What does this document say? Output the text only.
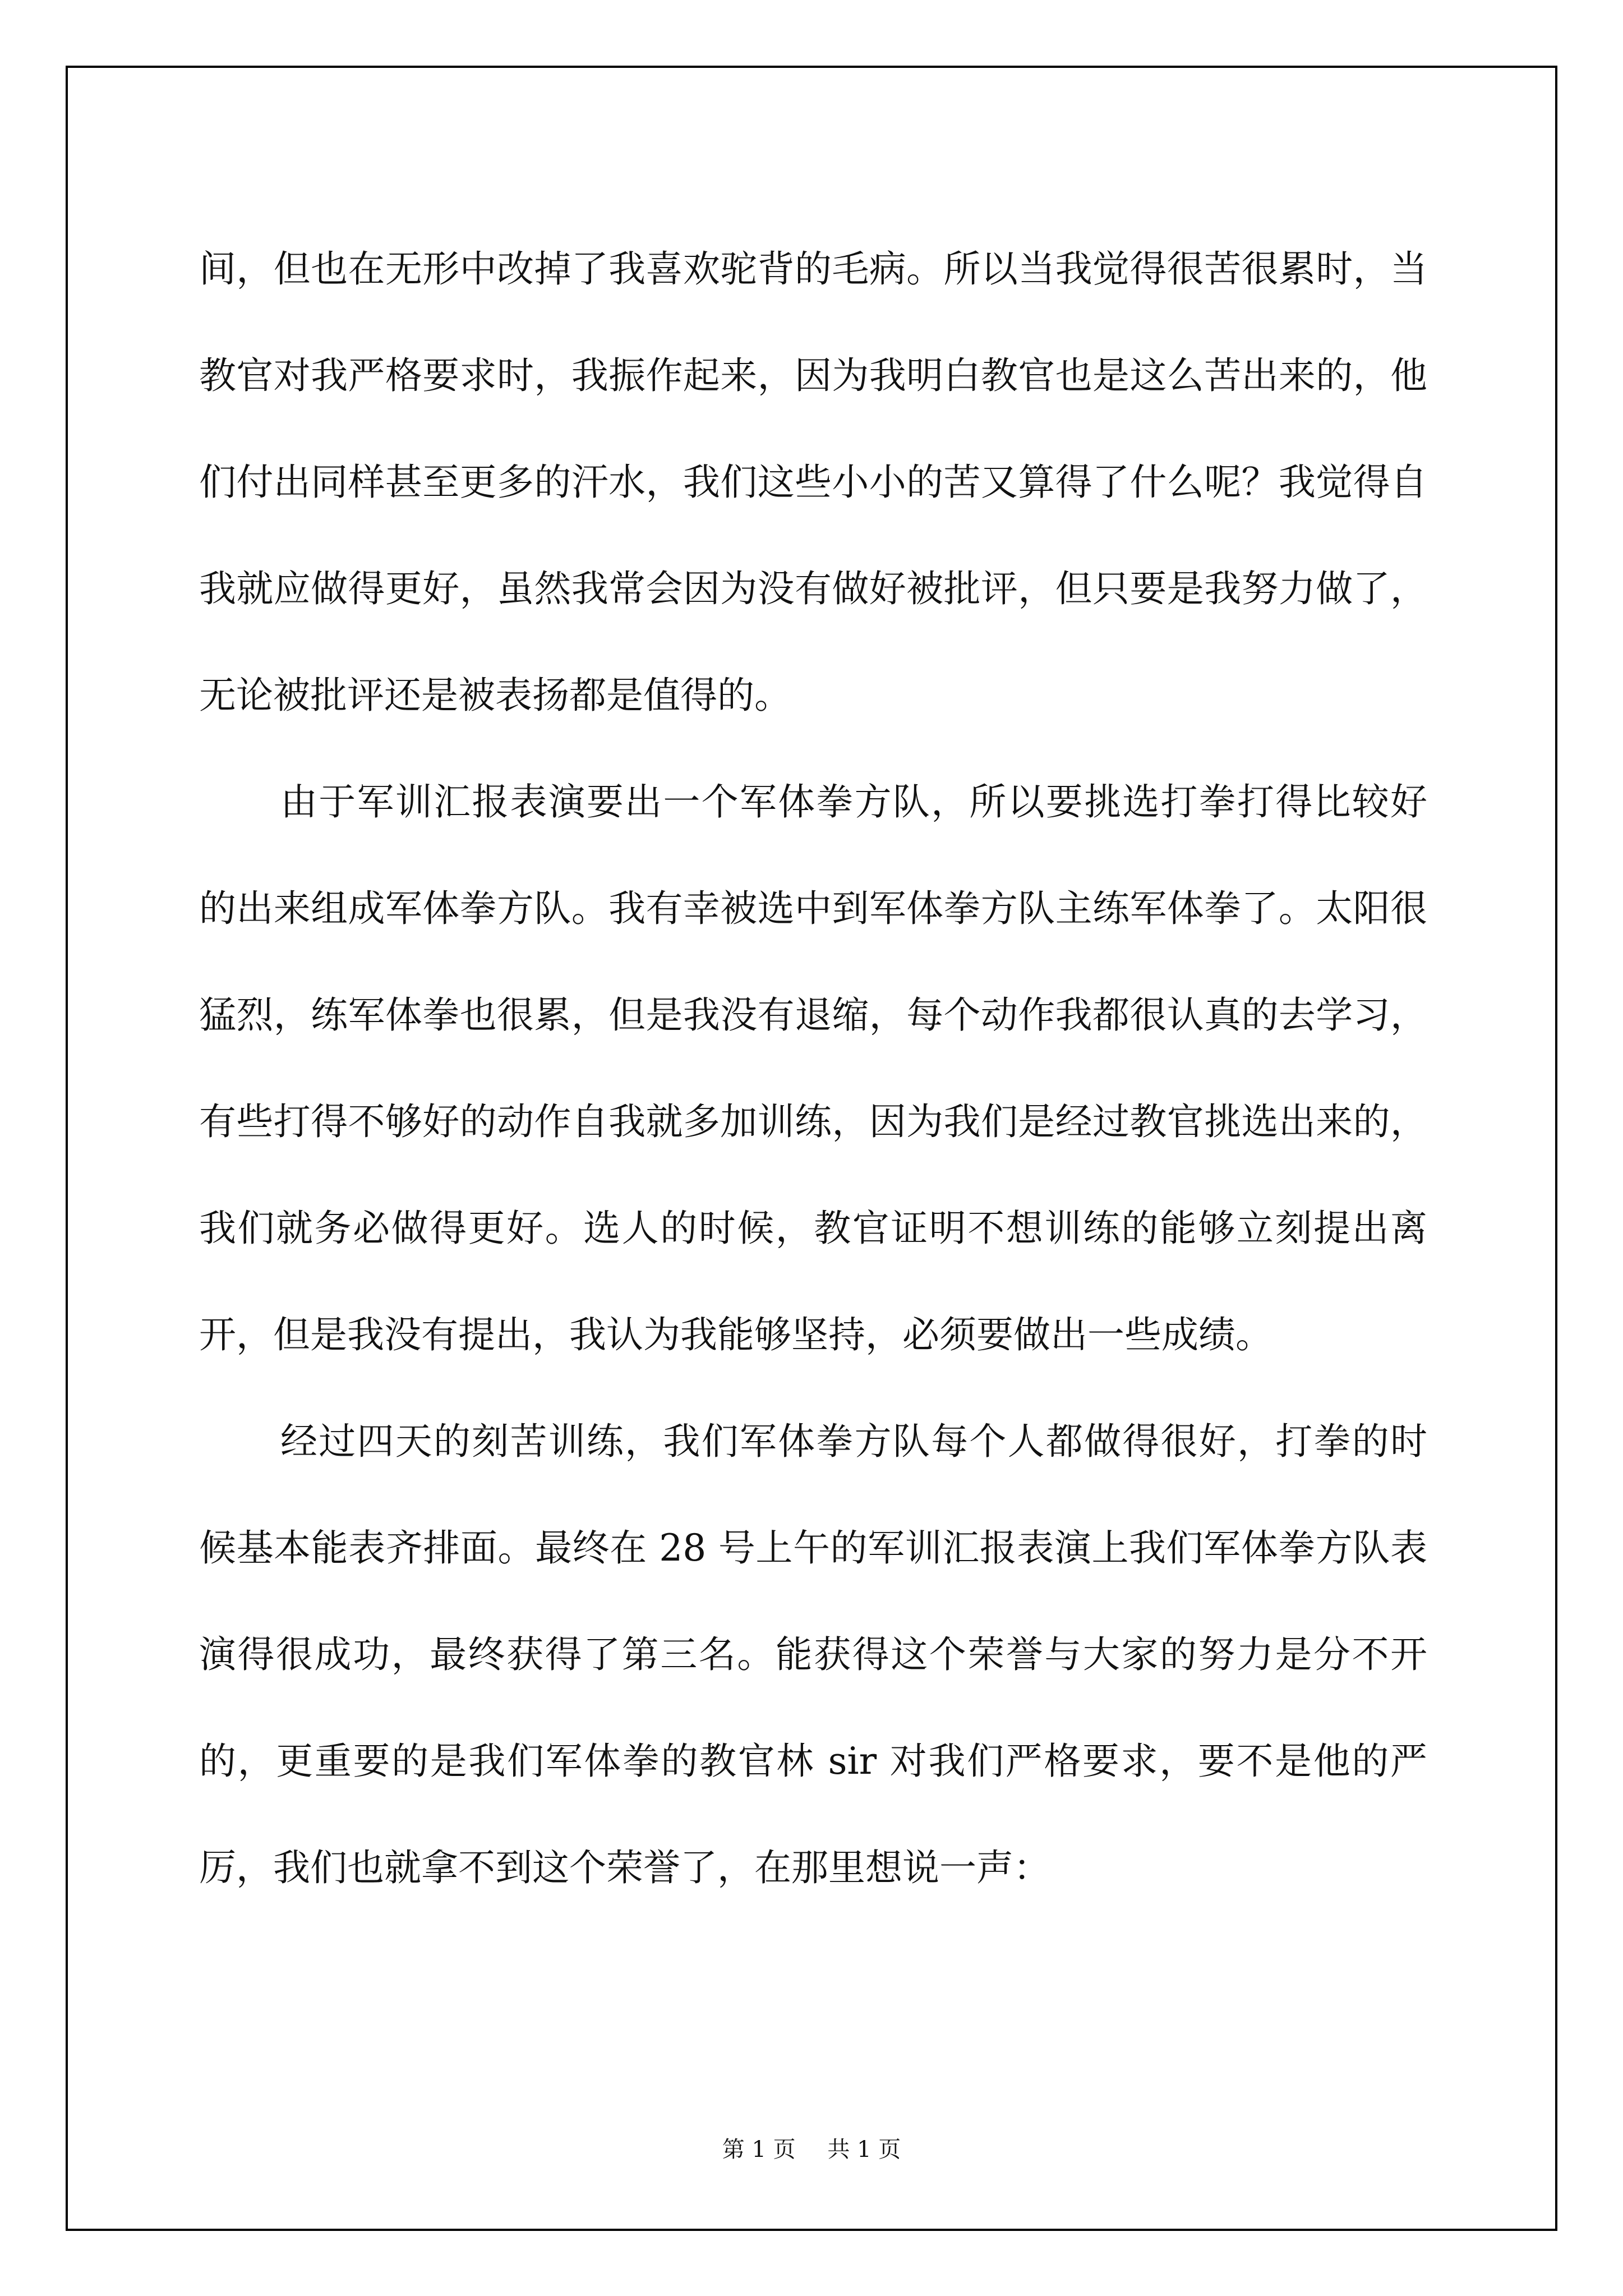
间，但也在无形中改掉了我喜欢驼背的毛病。所以当我觉得很苦很累时，当教官对我严格要求时，我振作起来，因为我明白教官也是这么苦出来的，他们付出同样甚至更多的汗水，我们这些小小的苦又算得了什么呢？我觉得自我就应做得更好，虽然我常会因为没有做好被批评，但只要是我努力做了，无论被批评还是被表扬都是值得的。

由于军训汇报表演要出一个军体拳方队，所以要挑选打拳打得比较好的出来组成军体拳方队。我有幸被选中到军体拳方队主练军体拳了。太阳很猛烈，练军体拳也很累，但是我没有退缩，每个动作我都很认真的去学习，有些打得不够好的动作自我就多加训练，因为我们是经过教官挑选出来的，我们就务必做得更好。选人的时候，教官证明不想训练的能够立刻提出离开，但是我没有提出，我认为我能够坚持，必须要做出一些成绩。

经过四天的刻苦训练，我们军体拳方队每个人都做得很好，打拳的时候基本能表齐排面。最终在 28 号上午的军训汇报表演上我们军体拳方队表演得很成功，最终获得了第三名。能获得这个荣誉与大家的努力是分不开的，更重要的是我们军体拳的教官林 sir 对我们严格要求，要不是他的严厉，我们也就拿不到这个荣誉了，在那里想说一声：

第 1 页 共 1 页
